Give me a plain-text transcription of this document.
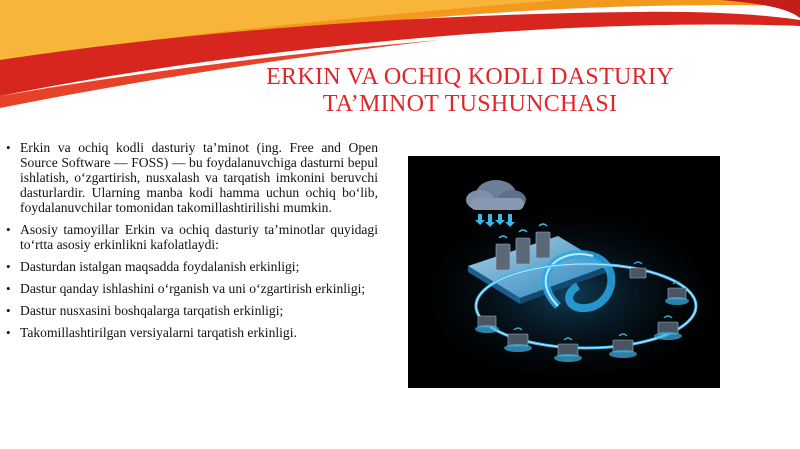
ERKIN VA OCHIQ KODLI DASTURIY
TA’MINOT TUSHUNCHASI
• Erkin va ochiq kodli dasturiy ta’minot (ing. Free and Open Source Software — FOSS) — bu foydalanuvchiga dasturni bepul ishlatish, o‘zgartirish, nusxalash va tarqatish imkonini beruvchi dasturlardir. Ularning manba kodi hamma uchun ochiq bo‘lib, foydalanuvchilar tomonidan takomillashtirilishi mumkin.
• Asosiy tamoyillar Erkin va ochiq dasturiy ta’minotlar quyidagi to‘rtta asosiy erkinlikni kafolatlaydi:
• Dasturdan istalgan maqsadda foydalanish erkinligi;
• Dastur qanday ishlashini o‘rganish va uni o‘zgartirish erkinligi;
• Dastur nusxasini boshqalarga tarqatish erkinligi;
• Takomillashtirilgan versiyalarni tarqatish erkinligi.
